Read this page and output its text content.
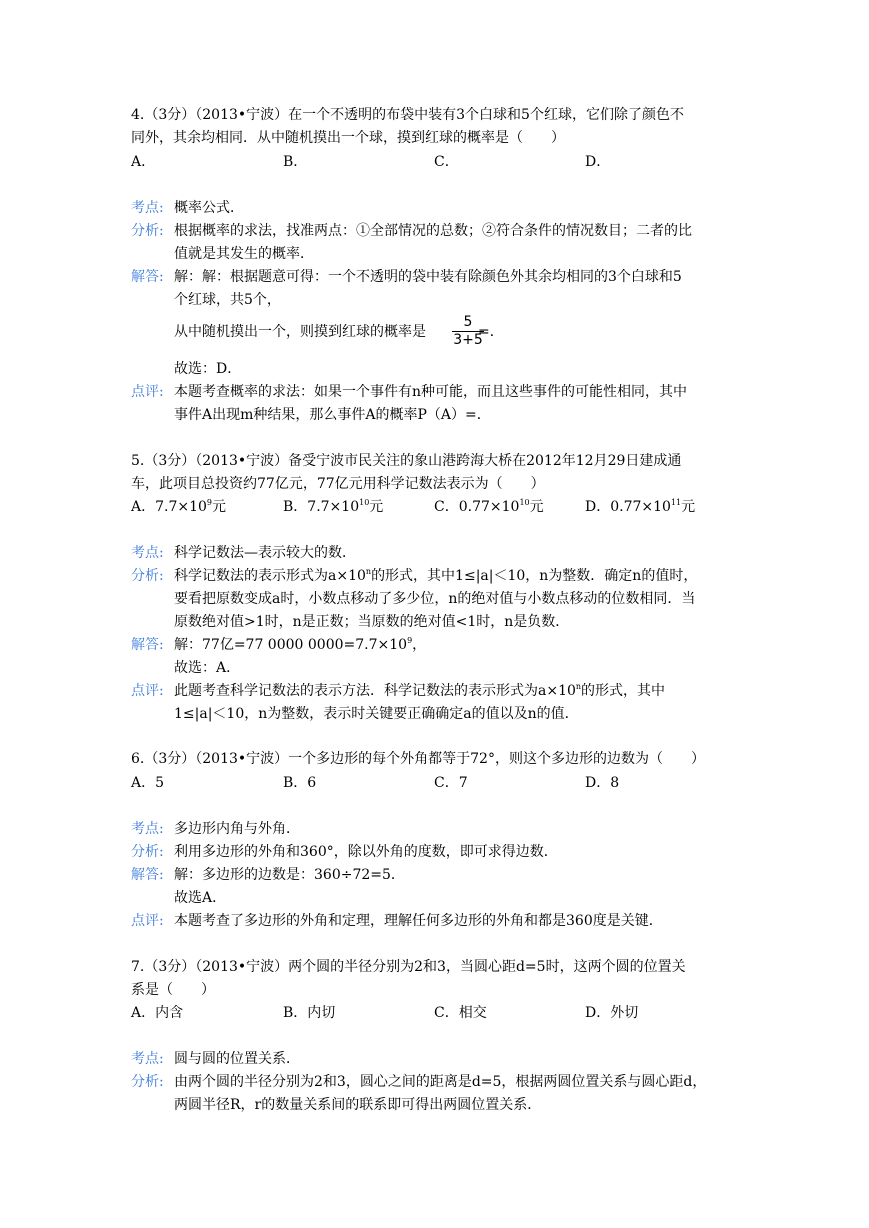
4.（3分）（2013•宁波）在一个不透明的布袋中装有3个白球和5个红球，它们除了颜色不
同外，其余均相同．从中随机摸出一个球，摸到红球的概率是（　　）
A．	B．	C．	D．
考点: 概率公式．
分析: 根据概率的求法，找准两点：①全部情况的总数；②符合条件的情况数目；二者的比
值就是其发生的概率．
解答: 解：解：根据题意可得：一个不透明的袋中装有除颜色外其余均相同的3个白球和5
个红球，共5个，
从中随机摸出一个，则摸到红球的概率是
5
3+5
=．
故选：D．
点评: 本题考查概率的求法：如果一个事件有n种可能，而且这些事件的可能性相同，其中
事件A出现m种结果，那么事件A的概率P（A）=．
5.（3分）（2013•宁波）备受宁波市民关注的象山港跨海大桥在2012年12月29日建成通
车，此项目总投资约77亿元，77亿元用科学记数法表示为（　　）
A．$7.7\times 10^9$元	B．$7.7\times 10^{10}$元	C．$0.77\times 10^{10}$元	D．$0.77\times 10^{11}$元
考点: 科学记数法—表示较大的数．
分析: 科学记数法的表示形式为$a\times 10^n$的形式，其中1≤|a|＜10，n为整数．确定n的值时，
要看把原数变成a时，小数点移动了多少位，n的绝对值与小数点移动的位数相同．当
原数绝对值>1时，n是正数；当原数的绝对值<1时，n是负数．
解答: 解：77亿=77 0000 $0000=7.7\times 10^9$，
故选：A．
点评: 此题考查科学记数法的表示方法．科学记数法的表示形式为$a\times 10^n$的形式，其中
1≤|a|＜10，n为整数，表示时关键要正确确定a的值以及n的值．
6.（3分）（2013•宁波）一个多边形的每个外角都等于72°，则这个多边形的边数为（　　）
A．5	B．6	C．7	D．8
考点: 多边形内角与外角．
分析: 利用多边形的外角和360°，除以外角的度数，即可求得边数．
解答: 解：多边形的边数是：360÷72=5．
故选A．
点评: 本题考查了多边形的外角和定理，理解任何多边形的外角和都是360度是关键．
7.（3分）（2013•宁波）两个圆的半径分别为2和3，当圆心距d=5时，这两个圆的位置关
系是（　　）
A．内含	B．内切	C．相交	D．外切
考点: 圆与圆的位置关系．
分析: 由两个圆的半径分别为2和3，圆心之间的距离是d=5，根据两圆位置关系与圆心距d，
两圆半径R，r的数量关系间的联系即可得出两圆位置关系．
